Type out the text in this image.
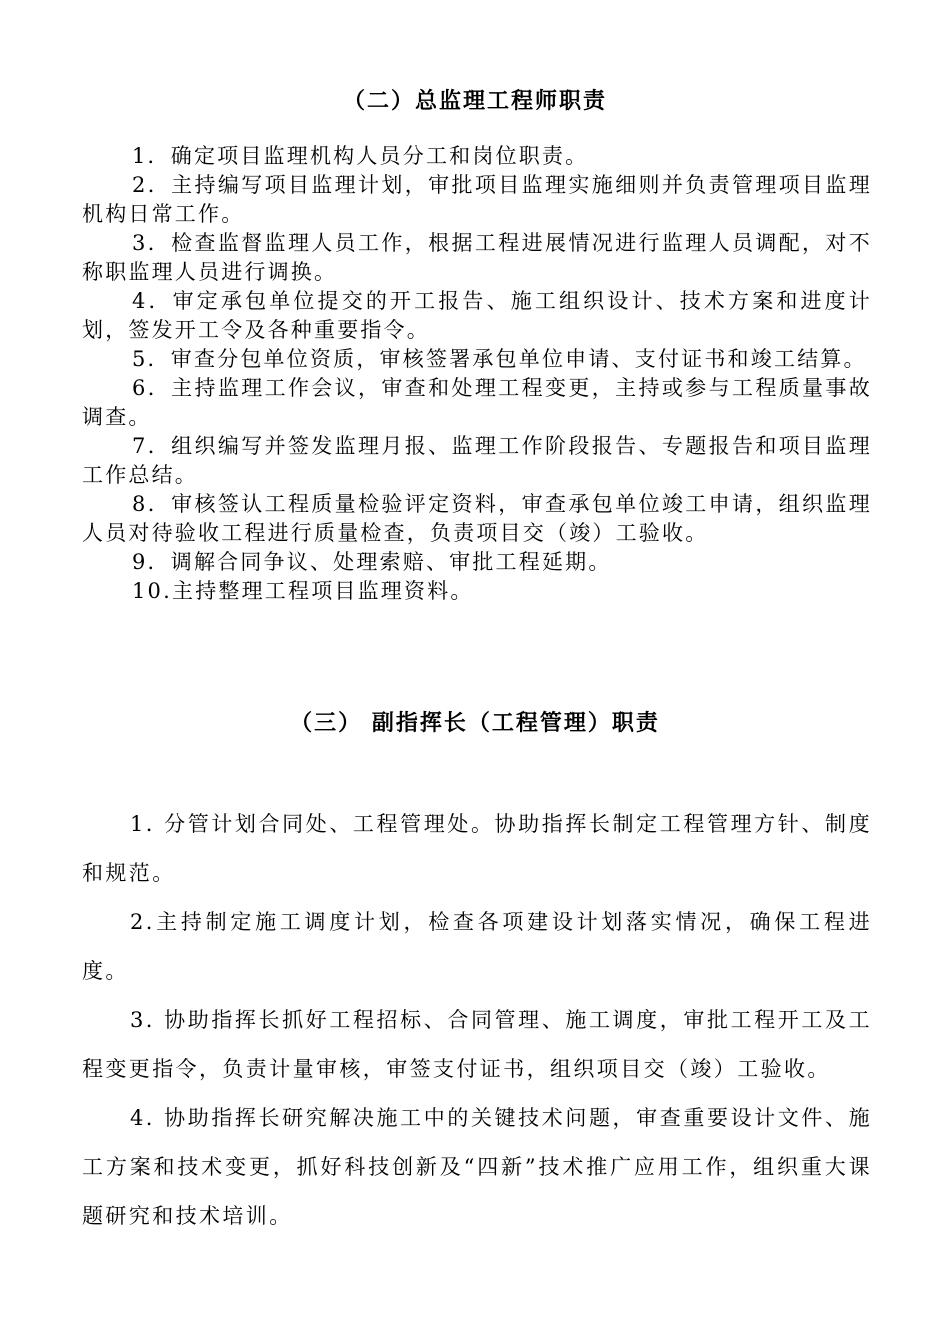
（二）总监理工程师职责

1．确定项目监理机构人员分工和岗位职责。

2．主持编写项目监理计划，审批项目监理实施细则并负责管理项目监理机构日常工作。

3．检查监督监理人员工作，根据工程进展情况进行监理人员调配，对不称职监理人员进行调换。

4．审定承包单位提交的开工报告、施工组织设计、技术方案和进度计划，签发开工令及各种重要指令。

5．审查分包单位资质，审核签署承包单位申请、支付证书和竣工结算。

6．主持监理工作会议，审查和处理工程变更，主持或参与工程质量事故调查。

7．组织编写并签发监理月报、监理工作阶段报告、专题报告和项目监理工作总结。

8．审核签认工程质量检验评定资料，审查承包单位竣工申请，组织监理人员对待验收工程进行质量检查，负责项目交（竣）工验收。

9．调解合同争议、处理索赔、审批工程延期。

10.主持整理工程项目监理资料。

（三） 副指挥长（工程管理）职责

1. 分管计划合同处、工程管理处。协助指挥长制定工程管理方针、制度和规范。

2.主持制定施工调度计划，检查各项建设计划落实情况，确保工程进度。

3. 协助指挥长抓好工程招标、合同管理、施工调度，审批工程开工及工程变更指令，负责计量审核，审签支付证书，组织项目交（竣）工验收。

4. 协助指挥长研究解决施工中的关键技术问题，审查重要设计文件、施工方案和技术变更，抓好科技创新及“四新”技术推广应用工作，组织重大课题研究和技术培训。
